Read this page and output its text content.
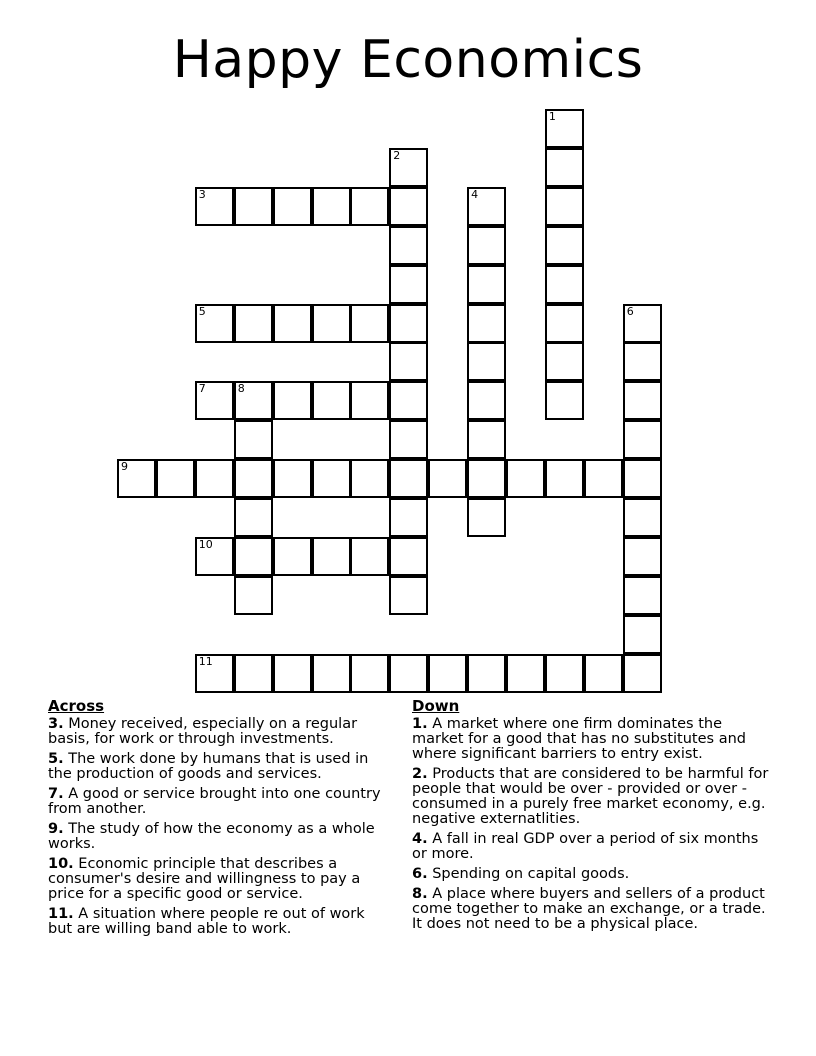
Happy Economics
1
2
3	4
5	6
7	8
9
10
11
Across
3. Money received, especially on a regular basis, for work or through investments.
5. The work done by humans that is used in the production of goods and services.
7. A good or service brought into one country from another.
9. The study of how the economy as a whole works.
10. Economic principle that describes a consumer's desire and willingness to pay a price for a specific good or service.
11. A situation where people re out of work but are willing band able to work.
Down
1. A market where one firm dominates the market for a good that has no substitutes and where significant barriers to entry exist.
2. Products that are considered to be harmful for people that would be over - provided or over - consumed in a purely free market economy, e.g. negative externatlities.
4. A fall in real GDP over a period of six months or more.
6. Spending on capital goods.
8. A place where buyers and sellers of a product come together to make an exchange, or a trade. It does not need to be a physical place.
